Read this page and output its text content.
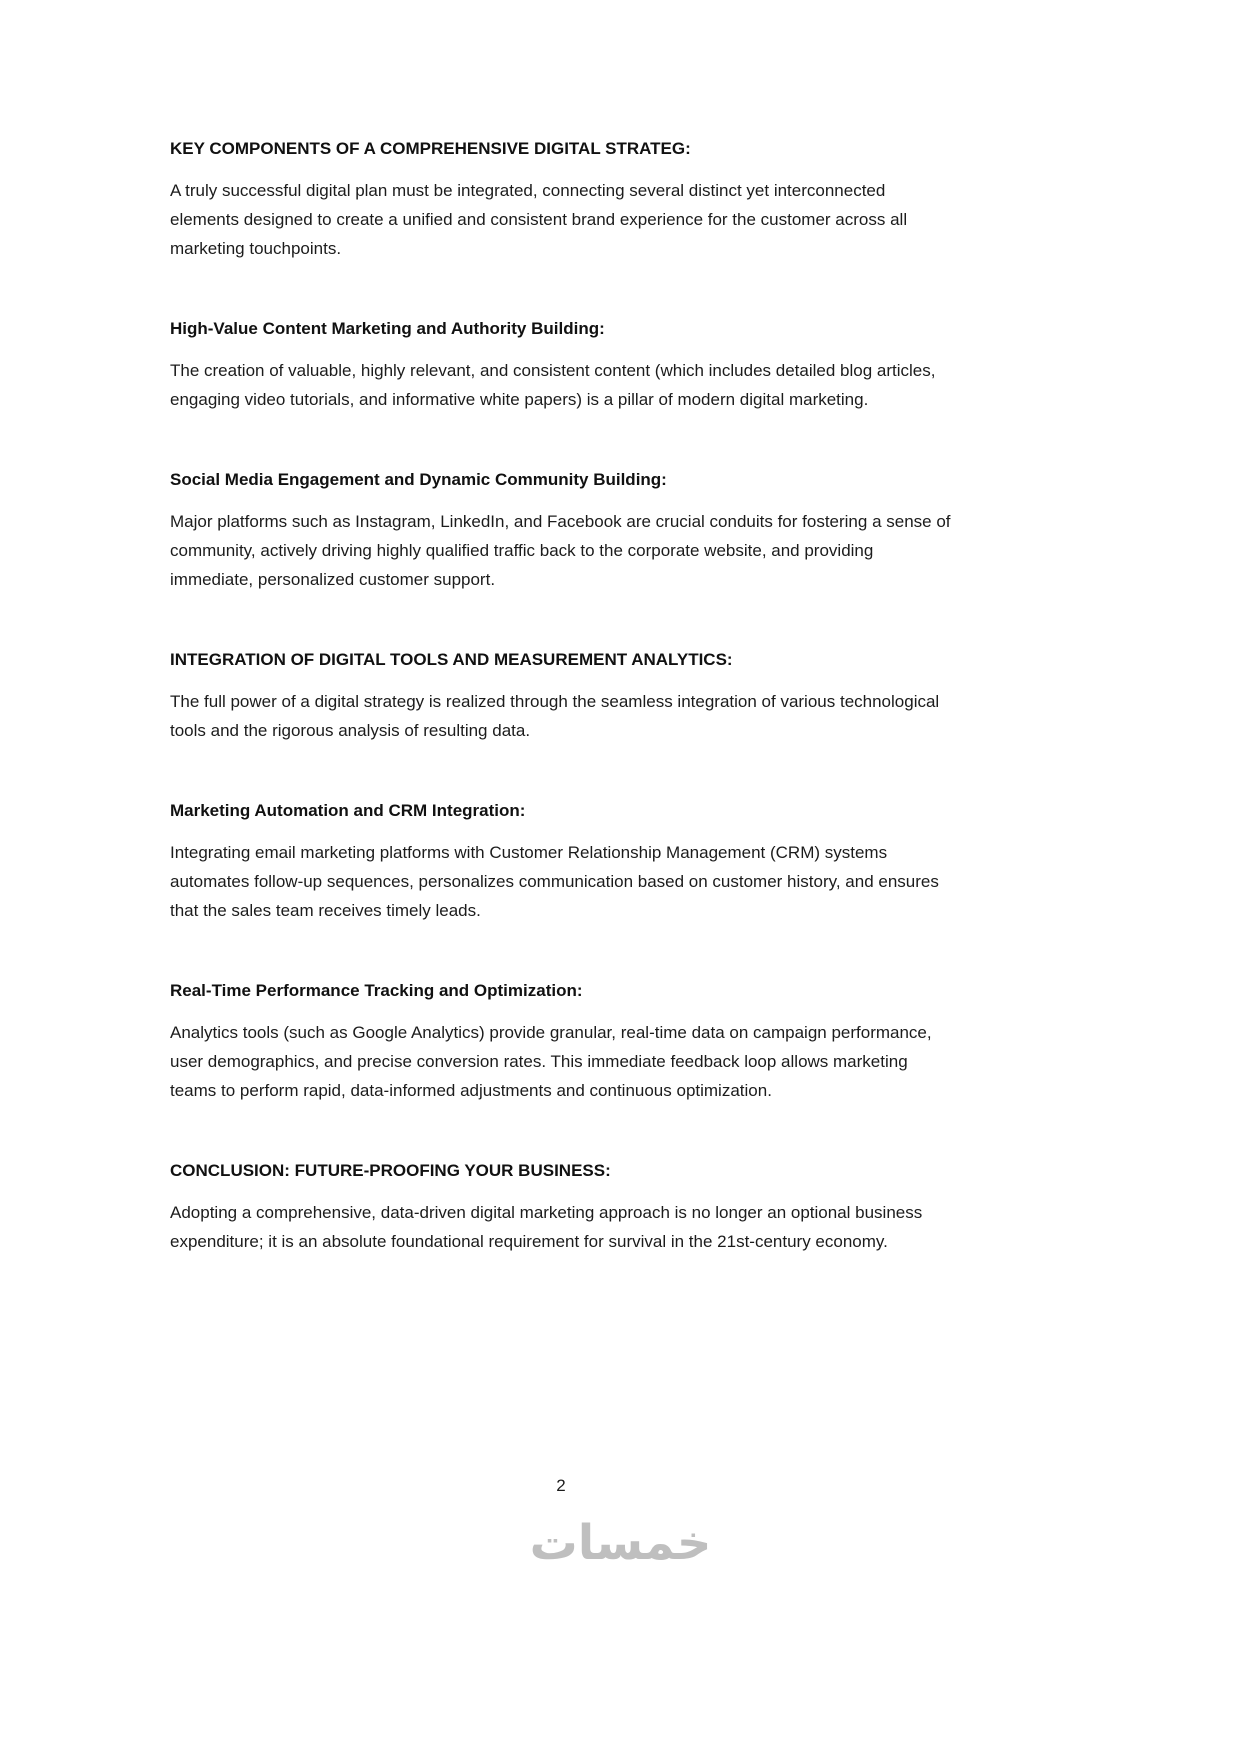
KEY COMPONENTS OF A COMPREHENSIVE DIGITAL STRATEG:

A truly successful digital plan must be integrated, connecting several distinct yet interconnected elements designed to create a unified and consistent brand experience for the customer across all marketing touchpoints.

High-Value Content Marketing and Authority Building:

The creation of valuable, highly relevant, and consistent content (which includes detailed blog articles, engaging video tutorials, and informative white papers) is a pillar of modern digital marketing.

Social Media Engagement and Dynamic Community Building:

Major platforms such as Instagram, LinkedIn, and Facebook are crucial conduits for fostering a sense of community, actively driving highly qualified traffic back to the corporate website, and providing immediate, personalized customer support.

INTEGRATION OF DIGITAL TOOLS AND MEASUREMENT ANALYTICS:

The full power of a digital strategy is realized through the seamless integration of various technological tools and the rigorous analysis of resulting data.

Marketing Automation and CRM Integration:

Integrating email marketing platforms with Customer Relationship Management (CRM) systems automates follow-up sequences, personalizes communication based on customer history, and ensures that the sales team receives timely leads.

Real-Time Performance Tracking and Optimization:

Analytics tools (such as Google Analytics) provide granular, real-time data on campaign performance, user demographics, and precise conversion rates. This immediate feedback loop allows marketing teams to perform rapid, data-informed adjustments and continuous optimization.

CONCLUSION: FUTURE-PROOFING YOUR BUSINESS:

Adopting a comprehensive, data-driven digital marketing approach is no longer an optional business expenditure; it is an absolute foundational requirement for survival in the 21st-century economy.

2
خمسات
